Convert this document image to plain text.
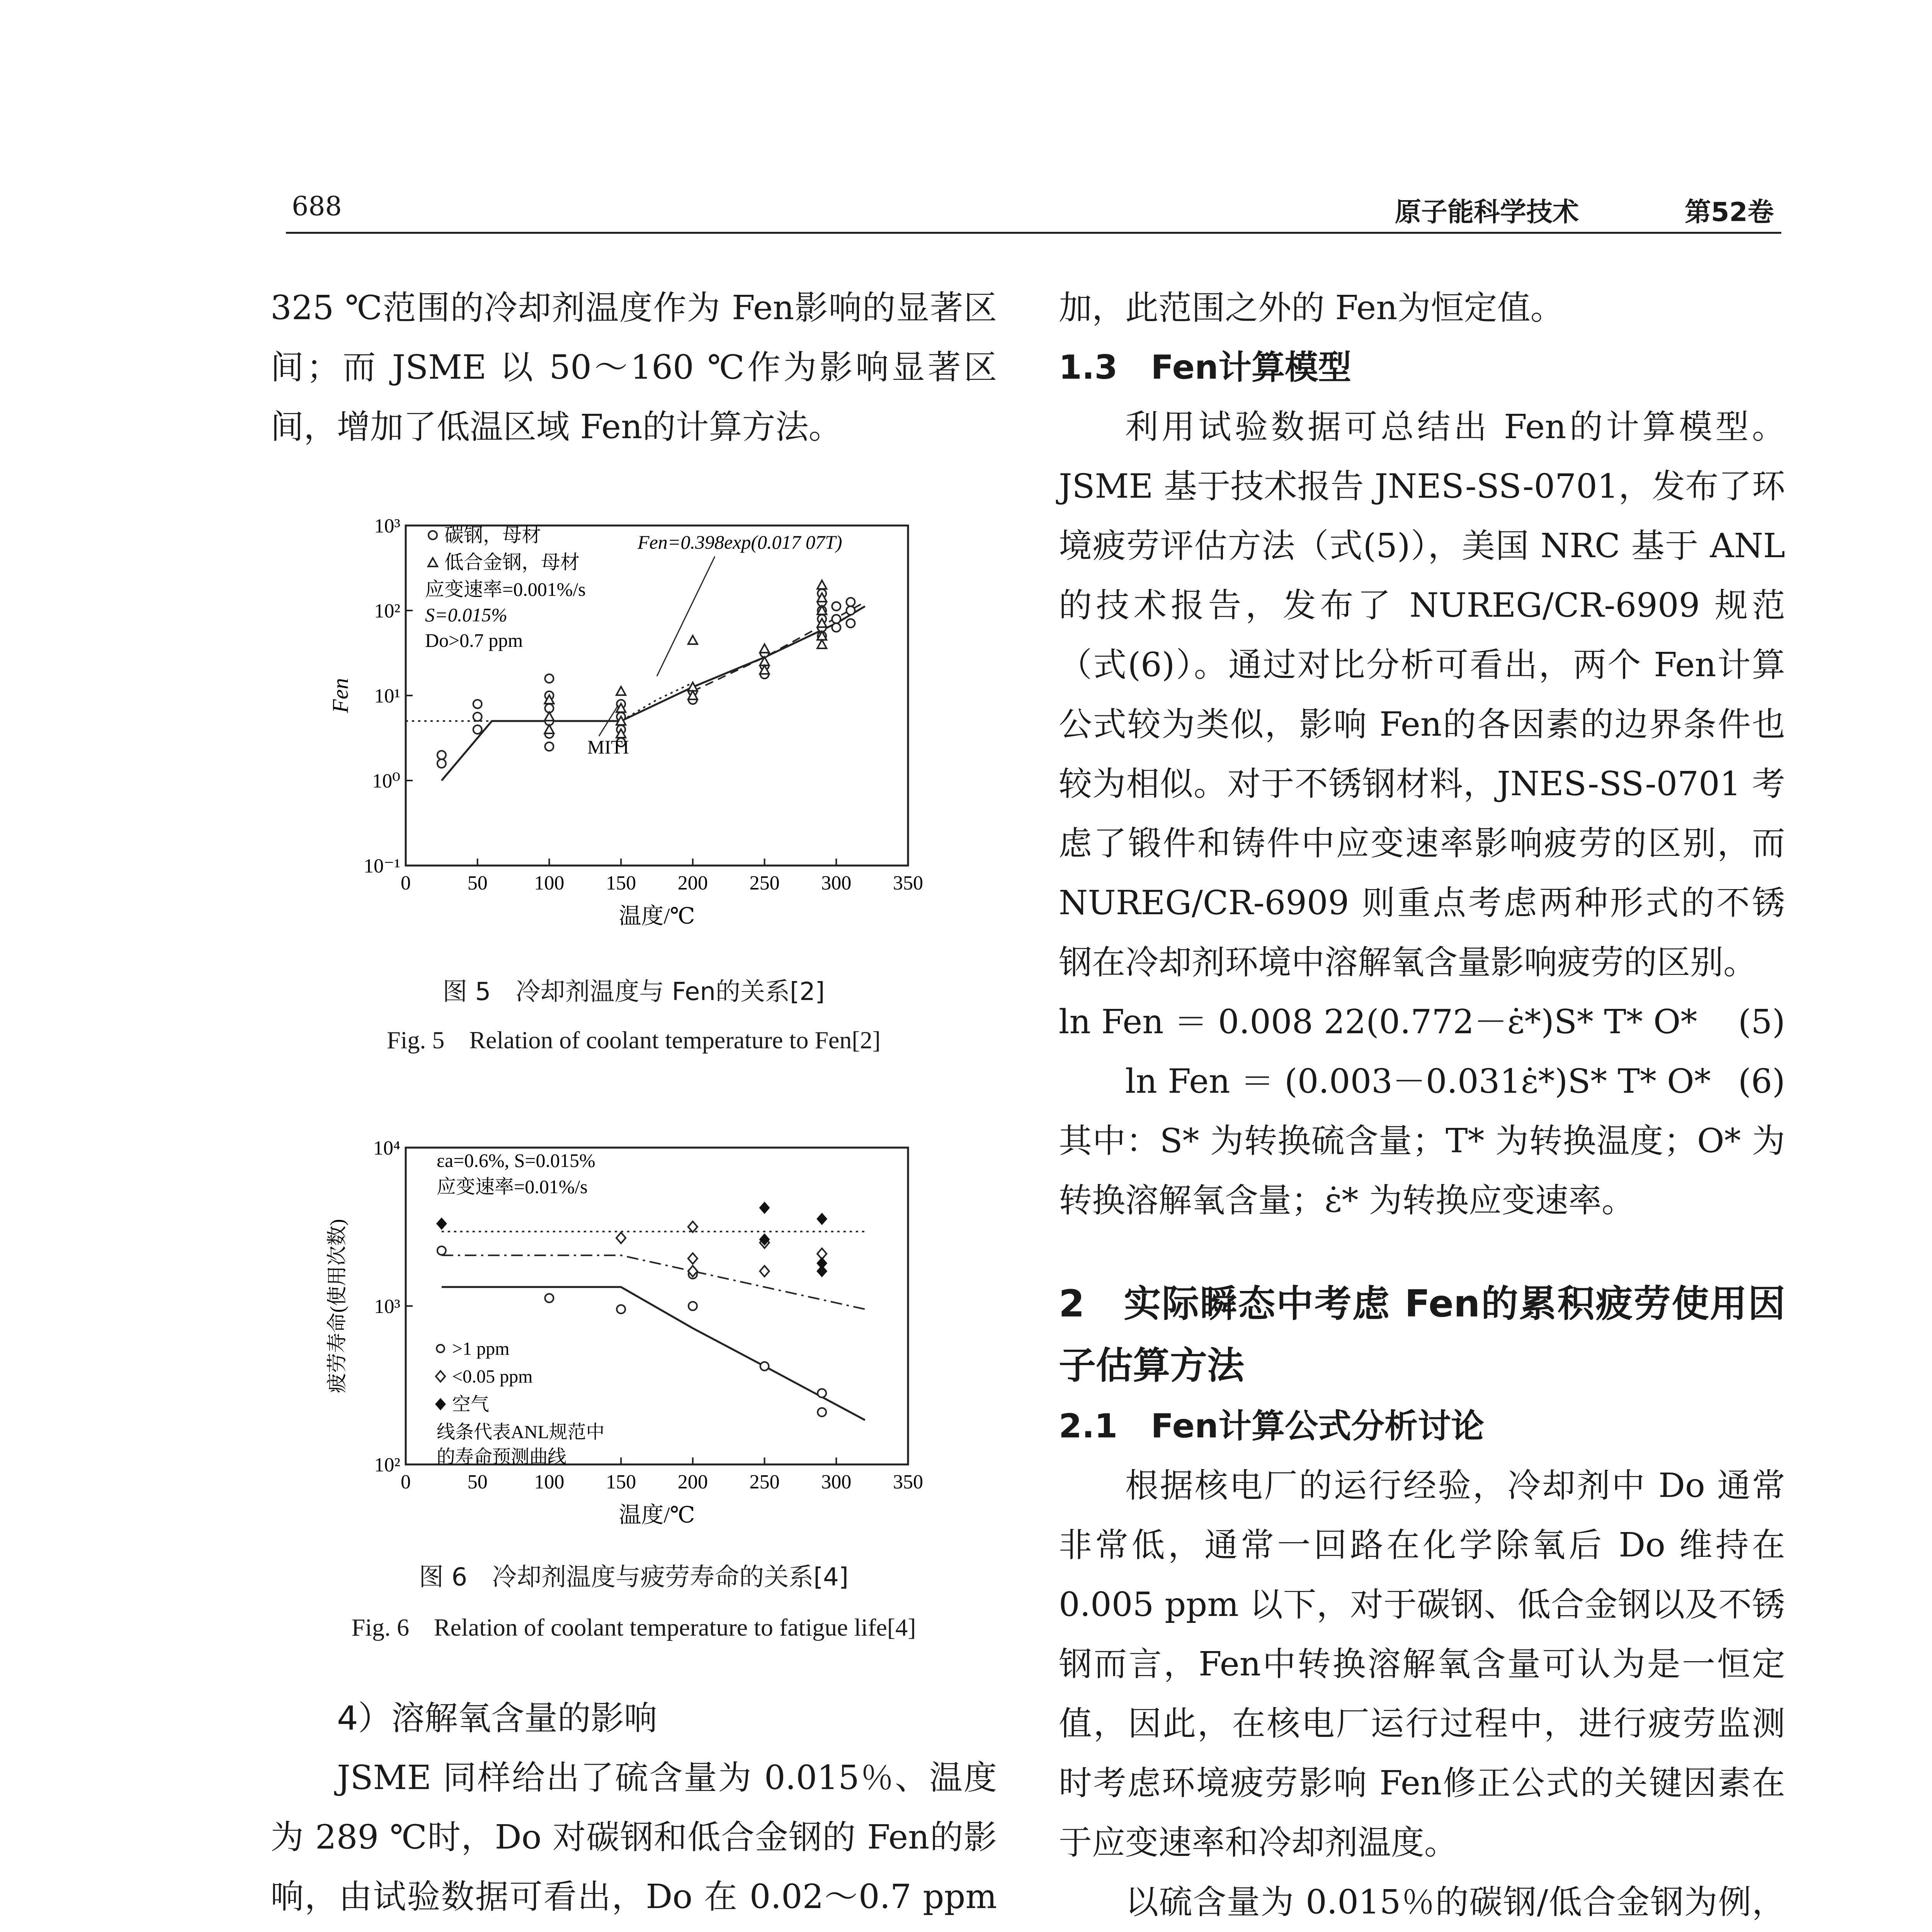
688	原子能科学技术	第52卷

325 ℃范围的冷却剂温度作为 Fen影响的显著区间；而 JSME 以 50～160 ℃作为影响显著区间，增加了低温区域 Fen的计算方法。

0	50 100 150 200 250 300 350
10⁻¹
10⁰
10¹
10²
10³ 碳钢，母材
低合金钢，母材
应变速率=0.001%/s
S=0.015%
Do>0.7 ppm
Fen=0.398exp(0.017 07T)
MITI
温度/℃
Fen
图 5　冷却剂温度与 Fen的关系[2]
Fig. 5　Relation of coolant temperature to Fen[2]
0	50 100 150 200 250 300 350
10²
10³
10⁴
εa=0.6%, S=0.015%
应变速率=0.01%/s
>1 ppm
<0.05 ppm
空气
线条代表ANL规范中
的寿命预测曲线
温度/℃
疲劳寿命(使用次数)
图 6　冷却剂温度与疲劳寿命的关系[4]
Fig. 6　Relation of coolant temperature to fatigue life[4]

4）溶解氧含量的影响

JSME 同样给出了硫含量为 0.015％、温度为 289 ℃时，Do 对碳钢和低合金钢的 Fen的影响，由试验数据可看出，Do 在 0.02～0.7 ppm

加，此范围之外的 Fen为恒定值。

1.3　Fen计算模型

利用试验数据可总结出 Fen的计算模型。JSME 基于技术报告 JNES-SS-0701，发布了环境疲劳评估方法（式(5)），美国 NRC 基于 ANL 的技术报告，发布了 NUREG/CR-6909 规范（式(6)）。通过对比分析可看出，两个 Fen计算公式较为类似，影响 Fen的各因素的边界条件也较为相似。对于不锈钢材料，JNES-SS-0701 考虑了锻件和铸件中应变速率影响疲劳的区别，而 NUREG/CR-6909 则重点考虑两种形式的不锈钢在冷却剂环境中溶解氧含量影响疲劳的区别。

ln Fen ＝ 0.008 22(0.772－ε̇*)S* T* O* (5)

ln Fen ＝ (0.003－0.031ε̇*)S* T* O* (6)

其中：S* 为转换硫含量；T* 为转换温度；O* 为转换溶解氧含量；ε̇* 为转换应变速率。

2　实际瞬态中考虑 Fen的累积疲劳使用因子估算方法

2.1　Fen计算公式分析讨论

根据核电厂的运行经验，冷却剂中 Do 通常非常低，通常一回路在化学除氧后 Do 维持在 0.005 ppm 以下，对于碳钢、低合金钢以及不锈钢而言，Fen中转换溶解氧含量可认为是一恒定值，因此，在核电厂运行过程中，进行疲劳监测时考虑环境疲劳影响 Fen修正公式的关键因素在于应变速率和冷却剂温度。

以硫含量为 0.015％的碳钢/低合金钢为例，
